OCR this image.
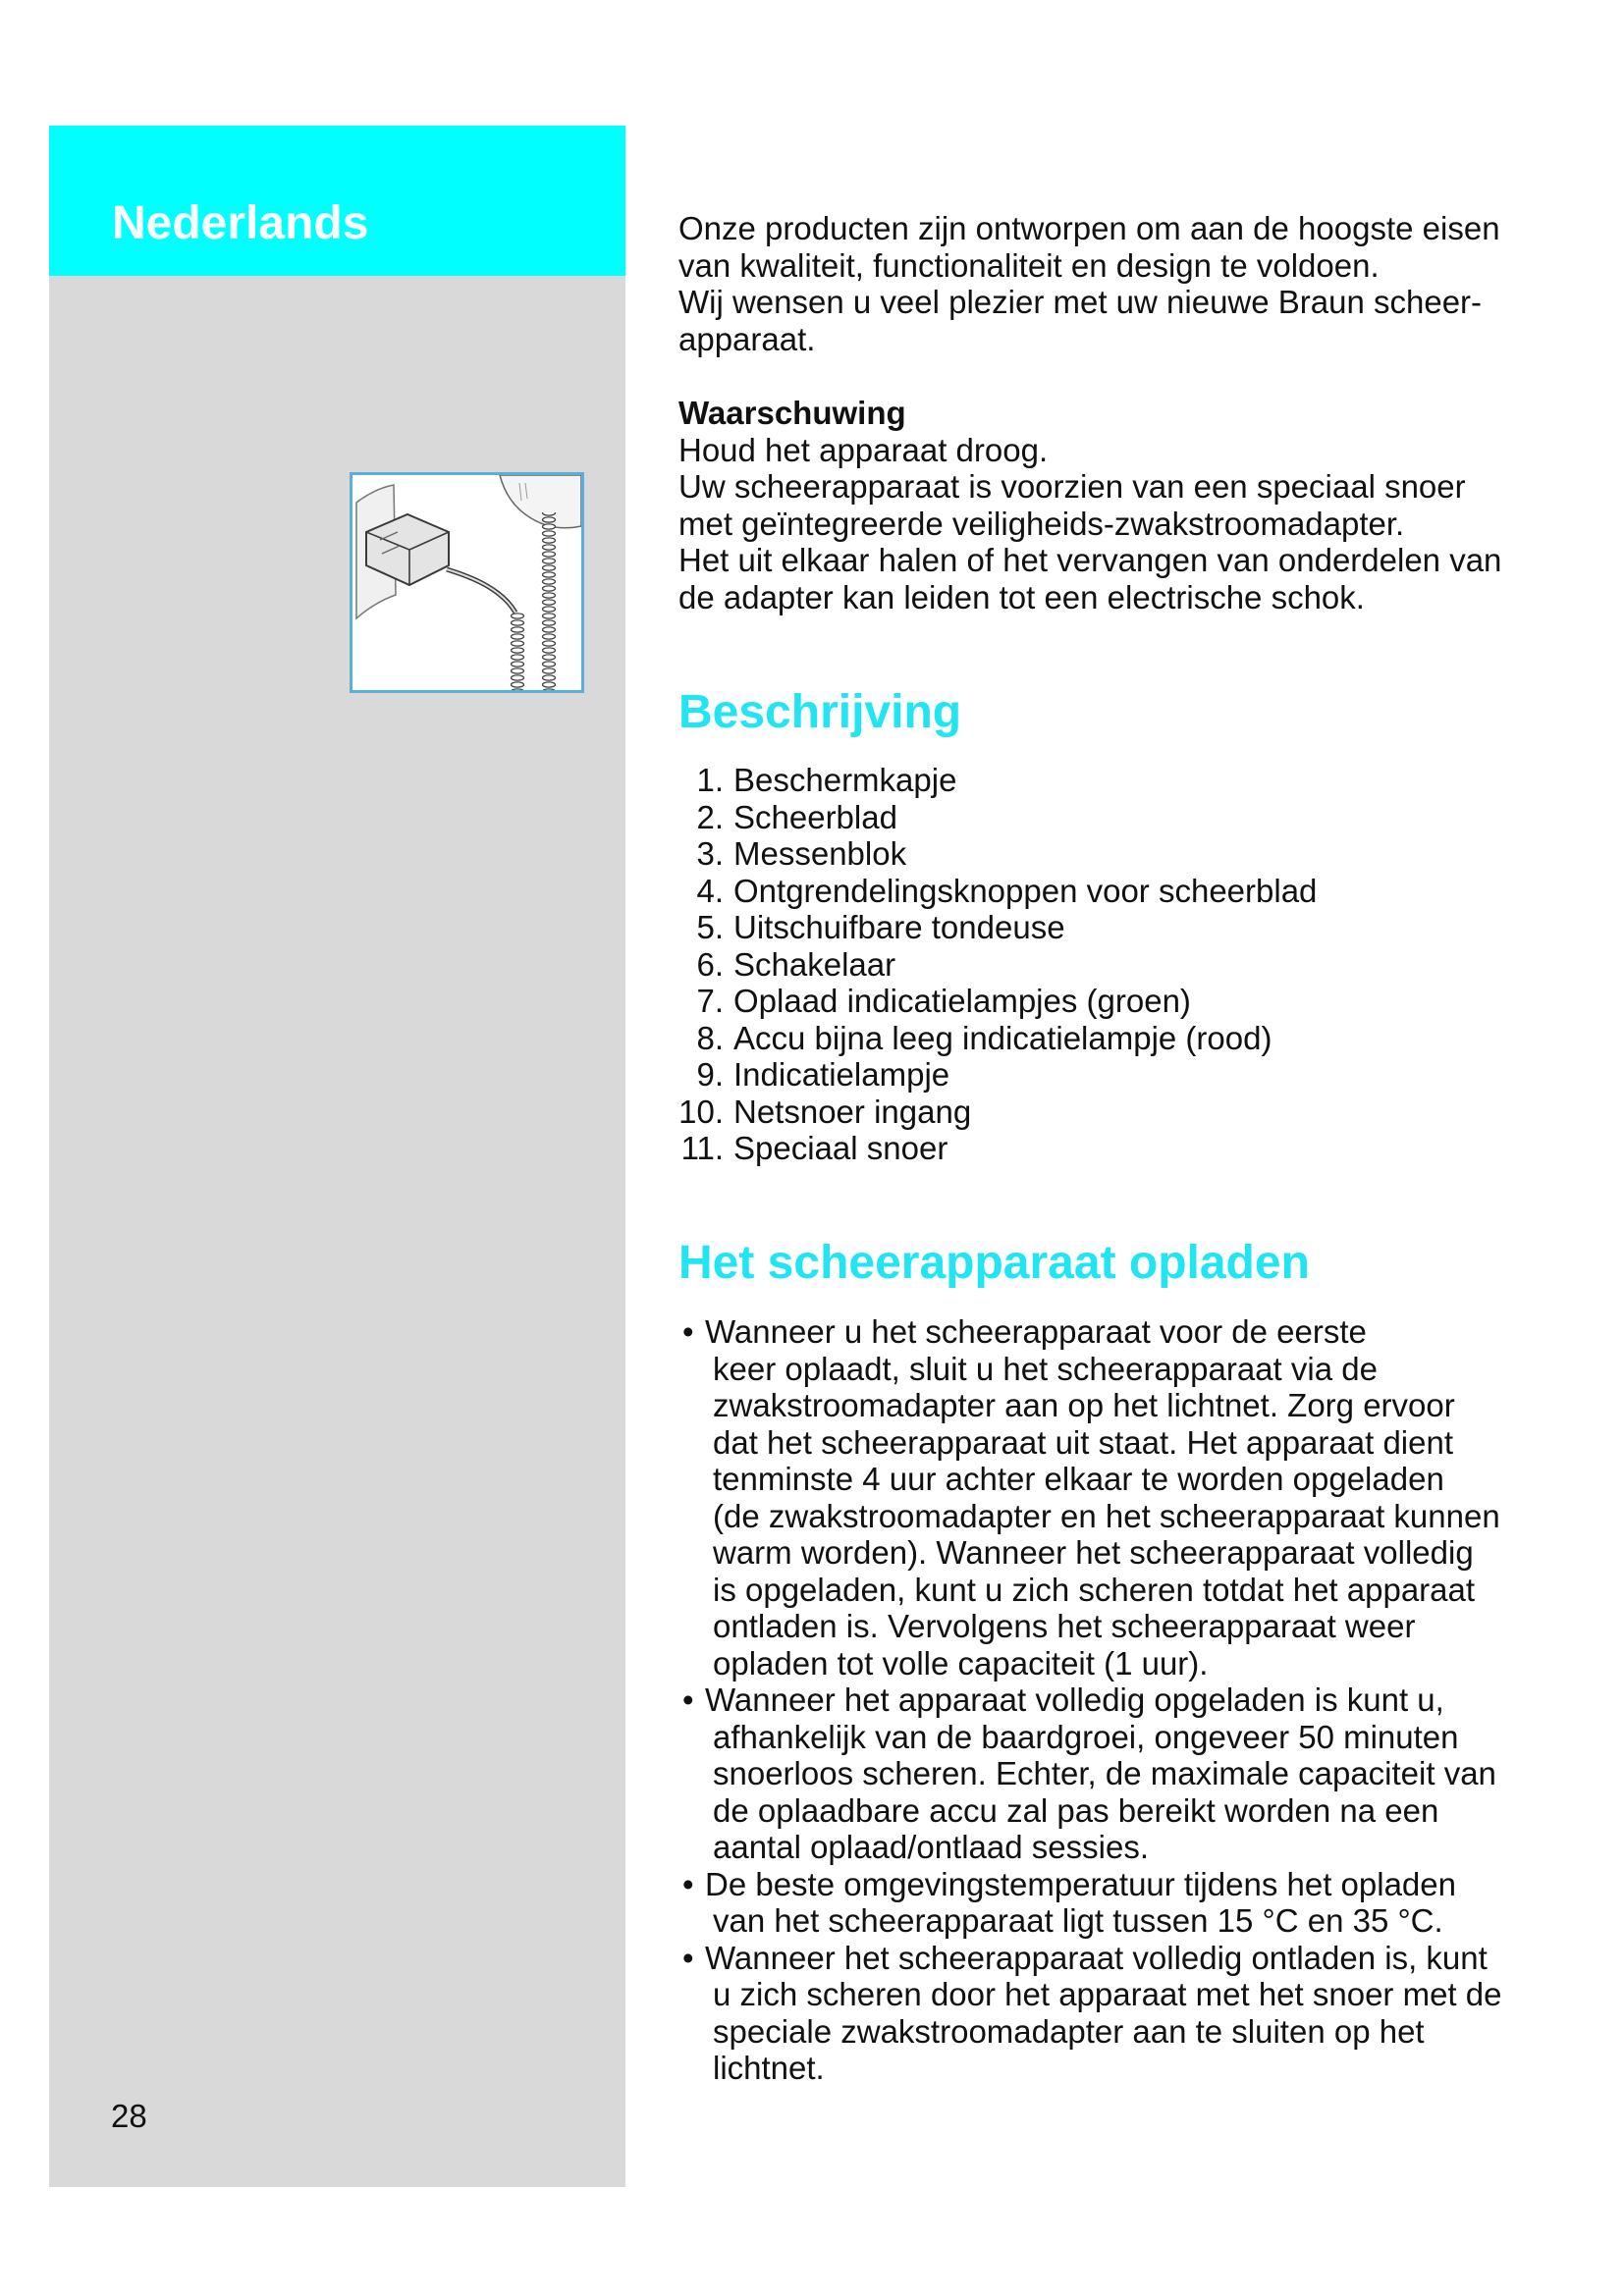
Nederlands
28
Onze producten zijn ontworpen om aan de hoogste eisen
van kwaliteit, functionaliteit en design te voldoen.
Wij wensen u veel plezier met uw nieuwe Braun scheer-
apparaat.
Waarschuwing
Houd het apparaat droog.
Uw scheerapparaat is voorzien van een speciaal snoer
met geïntegreerde veiligheids-zwakstroomadapter.
Het uit elkaar halen of het vervangen van onderdelen van
de adapter kan leiden tot een electrische schok.
Beschrijving
1. Beschermkapje
2. Scheerblad
3. Messenblok
4. Ontgrendelingsknoppen voor scheerblad
5. Uitschuifbare tondeuse
6. Schakelaar
7. Oplaad indicatielampjes (groen)
8. Accu bijna leeg indicatielampje (rood)
9. Indicatielampje
10. Netsnoer ingang
11. Speciaal snoer
Het scheerapparaat opladen
• Wanneer u het scheerapparaat voor de eerste
keer oplaadt, sluit u het scheerapparaat via de
zwakstroomadapter aan op het lichtnet. Zorg ervoor
dat het scheerapparaat uit staat. Het apparaat dient
tenminste 4 uur achter elkaar te worden opgeladen
(de zwakstroomadapter en het scheerapparaat kunnen
warm worden). Wanneer het scheerapparaat volledig
is opgeladen, kunt u zich scheren totdat het apparaat
ontladen is. Vervolgens het scheerapparaat weer
opladen tot volle capaciteit (1 uur).
• Wanneer het apparaat volledig opgeladen is kunt u,
afhankelijk van de baardgroei, ongeveer 50 minuten
snoerloos scheren. Echter, de maximale capaciteit van
de oplaadbare accu zal pas bereikt worden na een
aantal oplaad/ontlaad sessies.
• De beste omgevingstemperatuur tijdens het opladen
van het scheerapparaat ligt tussen 15 °C en 35 °C.
• Wanneer het scheerapparaat volledig ontladen is, kunt
u zich scheren door het apparaat met het snoer met de
speciale zwakstroomadapter aan te sluiten op het
lichtnet.
